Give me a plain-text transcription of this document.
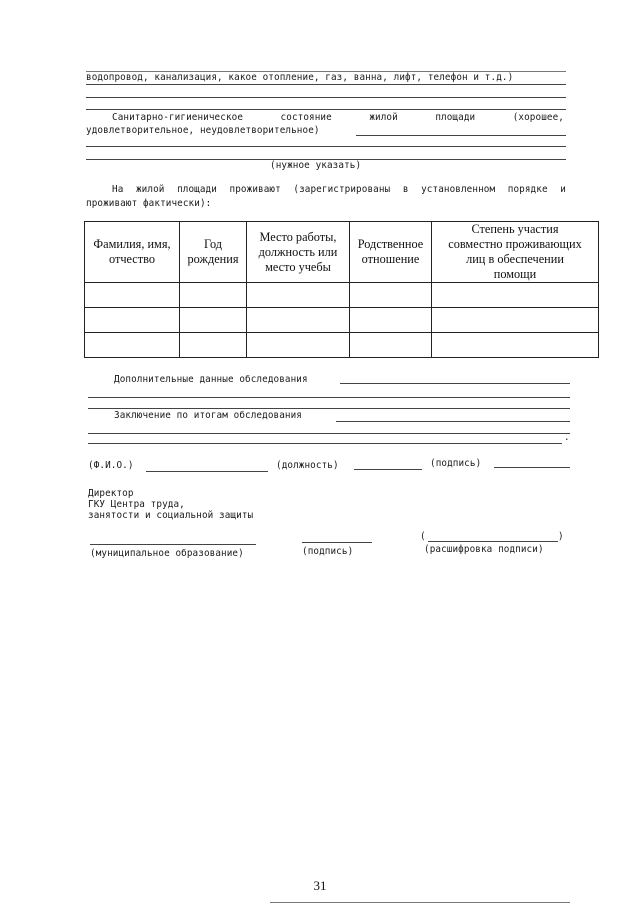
водопровод, канализация, какое отопление, газ, ванна, лифт, телефон и т.д.)
Санитарно-гигиеническое	состояние	жилой	площади	(хорошее,
удовлетворительное, неудовлетворительное)
(нужное указать)
На жилой площади проживают (зарегистрированы в установленном порядке и
проживают фактически):
Фамилия, имя, отчество	Год рождения	Место работы, должность или место учебы	Родственное отношение	Степень участия совместно проживающих лиц в обеспечении помощи

Дополнительные данные обследования
Заключение по итогам обследования
.
(Ф.И.О.)	(должность)	(подпись)
Директор
ГКУ Центра труда,
занятости и социальной защиты
(муниципальное образование)	(подпись)
(	)
(расшифровка подписи)
31
